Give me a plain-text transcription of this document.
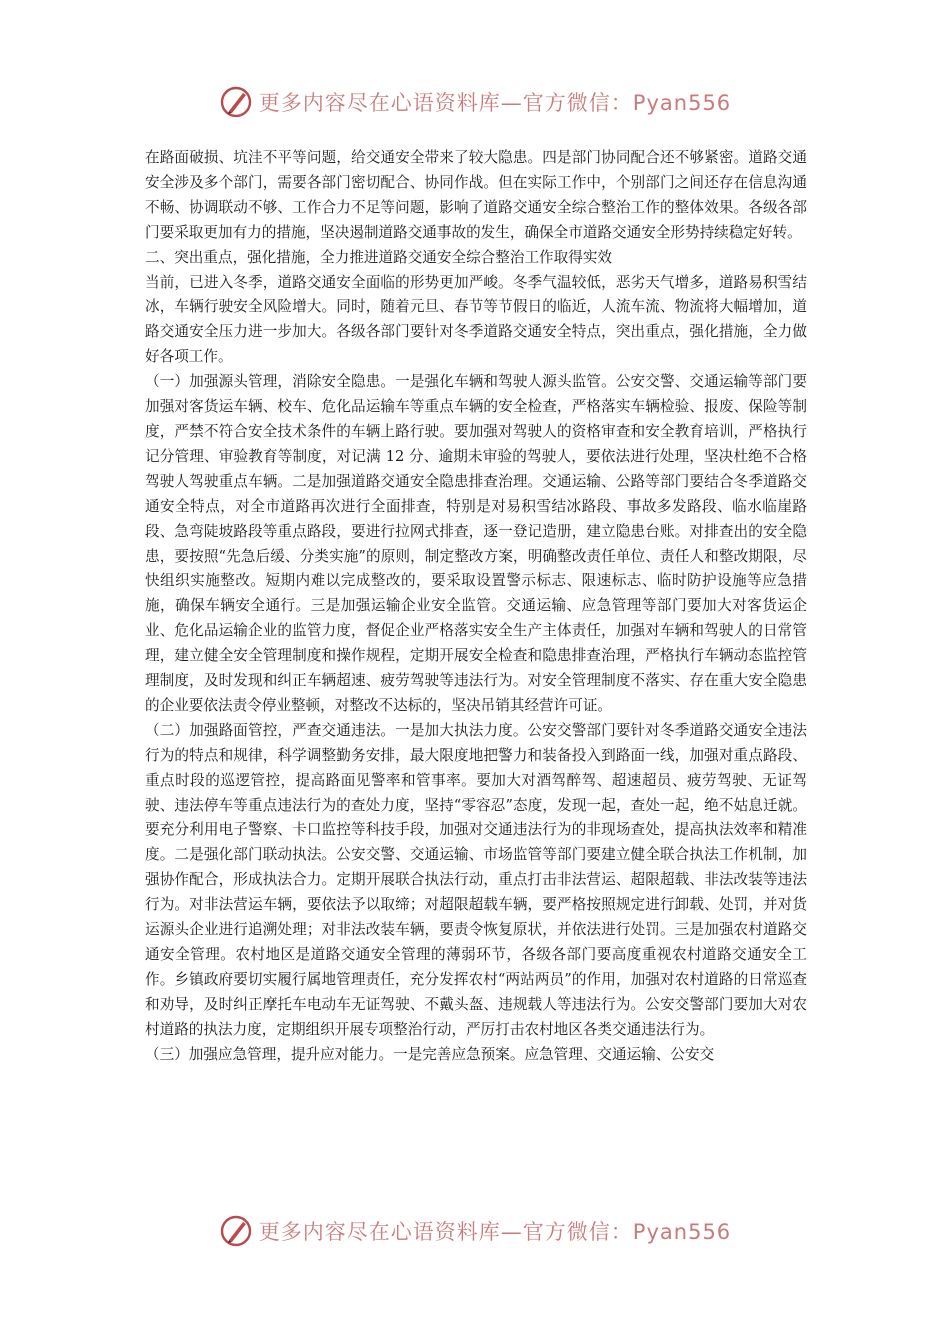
更多内容尽在心语资料库—官方微信：Pyan556

在路面破损、坑洼不平等问题，给交通安全带来了较大隐患。四是部门协同配合还不够紧密。道路交通安全涉及多个部门，需要各部门密切配合、协同作战。但在实际工作中，个别部门之间还存在信息沟通不畅、协调联动不够、工作合力不足等问题，影响了道路交通安全综合整治工作的整体效果。各级各部门要采取更加有力的措施，坚决遏制道路交通事故的发生，确保全市道路交通安全形势持续稳定好转。

二、突出重点，强化措施，全力推进道路交通安全综合整治工作取得实效

当前，已进入冬季，道路交通安全面临的形势更加严峻。冬季气温较低，恶劣天气增多，道路易积雪结冰，车辆行驶安全风险增大。同时，随着元旦、春节等节假日的临近，人流车流、物流将大幅增加，道路交通安全压力进一步加大。各级各部门要针对冬季道路交通安全特点，突出重点，强化措施，全力做好各项工作。

（一）加强源头管理，消除安全隐患。一是强化车辆和驾驶人源头监管。公安交警、交通运输等部门要加强对客货运车辆、校车、危化品运输车等重点车辆的安全检查，严格落实车辆检验、报废、保险等制度，严禁不符合安全技术条件的车辆上路行驶。要加强对驾驶人的资格审查和安全教育培训，严格执行记分管理、审验教育等制度，对记满 12 分、逾期未审验的驾驶人，要依法进行处理，坚决杜绝不合格驾驶人驾驶重点车辆。二是加强道路交通安全隐患排查治理。交通运输、公路等部门要结合冬季道路交通安全特点，对全市道路再次进行全面排查，特别是对易积雪结冰路段、事故多发路段、临水临崖路段、急弯陡坡路段等重点路段，要进行拉网式排查，逐一登记造册，建立隐患台账。对排查出的安全隐患，要按照“先急后缓、分类实施”的原则，制定整改方案，明确整改责任单位、责任人和整改期限，尽快组织实施整改。短期内难以完成整改的，要采取设置警示标志、限速标志、临时防护设施等应急措施，确保车辆安全通行。三是加强运输企业安全监管。交通运输、应急管理等部门要加大对客货运企业、危化品运输企业的监管力度，督促企业严格落实安全生产主体责任，加强对车辆和驾驶人的日常管理，建立健全安全管理制度和操作规程，定期开展安全检查和隐患排查治理，严格执行车辆动态监控管理制度，及时发现和纠正车辆超速、疲劳驾驶等违法行为。对安全管理制度不落实、存在重大安全隐患的企业要依法责令停业整顿，对整改不达标的，坚决吊销其经营许可证。

（二）加强路面管控，严查交通违法。一是加大执法力度。公安交警部门要针对冬季道路交通安全违法行为的特点和规律，科学调整勤务安排，最大限度地把警力和装备投入到路面一线，加强对重点路段、重点时段的巡逻管控，提高路面见警率和管事率。要加大对酒驾醉驾、超速超员、疲劳驾驶、无证驾驶、违法停车等重点违法行为的查处力度，坚持“零容忍”态度，发现一起，查处一起，绝不姑息迁就。要充分利用电子警察、卡口监控等科技手段，加强对交通违法行为的非现场查处，提高执法效率和精准度。二是强化部门联动执法。公安交警、交通运输、市场监管等部门要建立健全联合执法工作机制，加强协作配合，形成执法合力。定期开展联合执法行动，重点打击非法营运、超限超载、非法改装等违法行为。对非法营运车辆，要依法予以取缔；对超限超载车辆，要严格按照规定进行卸载、处罚，并对货运源头企业进行追溯处理；对非法改装车辆，要责令恢复原状，并依法进行处罚。三是加强农村道路交通安全管理。农村地区是道路交通安全管理的薄弱环节，各级各部门要高度重视农村道路交通安全工作。乡镇政府要切实履行属地管理责任，充分发挥农村“两站两员”的作用，加强对农村道路的日常巡查和劝导，及时纠正摩托车电动车无证驾驶、不戴头盔、违规载人等违法行为。公安交警部门要加大对农村道路的执法力度，定期组织开展专项整治行动，严厉打击农村地区各类交通违法行为。

（三）加强应急管理，提升应对能力。一是完善应急预案。应急管理、交通运输、公安交

更多内容尽在心语资料库—官方微信：Pyan556
